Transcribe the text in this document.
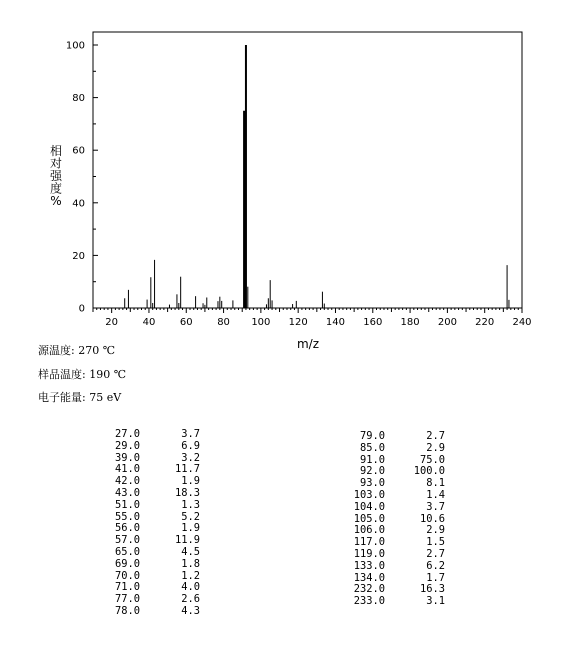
0
20
40
60
80
100
20 40 60 80 100 120 140 160 180 200 220 240
m/z
相
对
强
度
%
源温度: 270 ℃
样品温度: 190 ℃
电子能量: 75 eV
27.0	3.7
29.0	6.9
39.0	3.2
41.0	11.7
42.0	1.9
43.0	18.3
51.0	1.3
55.0	5.2
56.0	1.9
57.0	11.9
65.0	4.5
69.0	1.8
70.0	1.2
71.0	4.0
77.0	2.6
78.0	4.3
79.0	2.7
85.0	2.9
91.0	75.0
92.0	100.0
93.0	8.1
103.0	1.4
104.0	3.7
105.0	10.6
106.0	2.9
117.0	1.5
119.0	2.7
133.0	6.2
134.0	1.7
232.0	16.3
233.0	3.1
